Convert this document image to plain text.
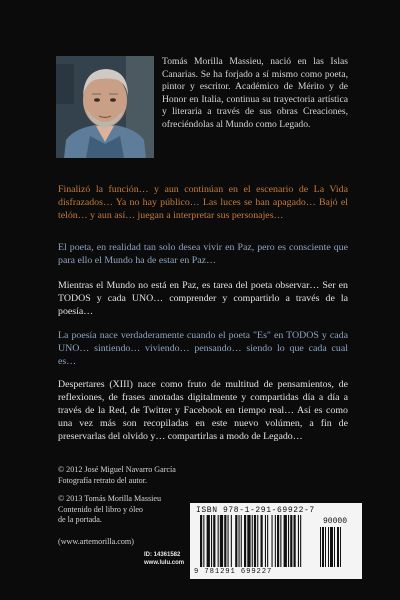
Tomás Morilla Massieu, nació en las Islas Canarias. Se ha forjado a sí mismo como poeta, pintor y escritor. Académico de Mérito y de Honor en Italia, continua su trayectoria artística y literaria a través de sus obras Creaciones, ofreciéndolas al Mundo como Legado.
Finalizó la función… y aun continúan en el escenario de La Vida disfrazados… Ya no hay público… Las luces se han apagado… Bajó el telón… y aun así… juegan a interpretar sus personajes…
El poeta, en realidad tan solo desea vivir en Paz, pero es consciente que para ello el Mundo ha de estar en Paz…
Mientras el Mundo no está en Paz, es tarea del poeta observar… Ser en TODOS y cada UNO… comprender y compartirlo a través de la poesía…
La poesía nace verdaderamente cuando el poeta "Es" en TODOS y cada UNO… sintiendo… viviendo… pensando… siendo lo que cada cual es…
Despertares (XIII) nace como fruto de multitud de pensamientos, de reflexiones, de frases anotadas digitalmente y compartidas día a día a través de la Red, de Twitter y Facebook en tiempo real… Así es como una vez más son recopiladas en este nuevo volúmen, a fin de preservarlas del olvido y… compartirlas a modo de Legado…
© 2012 José Miguel Navarro García
Fotografía retrato del autor.
© 2013 Tomás Morilla Massieu
Contenido del libro y óleo
de la portada.
(www.artemorilla.com)
ID: 14361582
www.lulu.com
ISBN 978-1-291-69922-7
90000
9 781291 699227
